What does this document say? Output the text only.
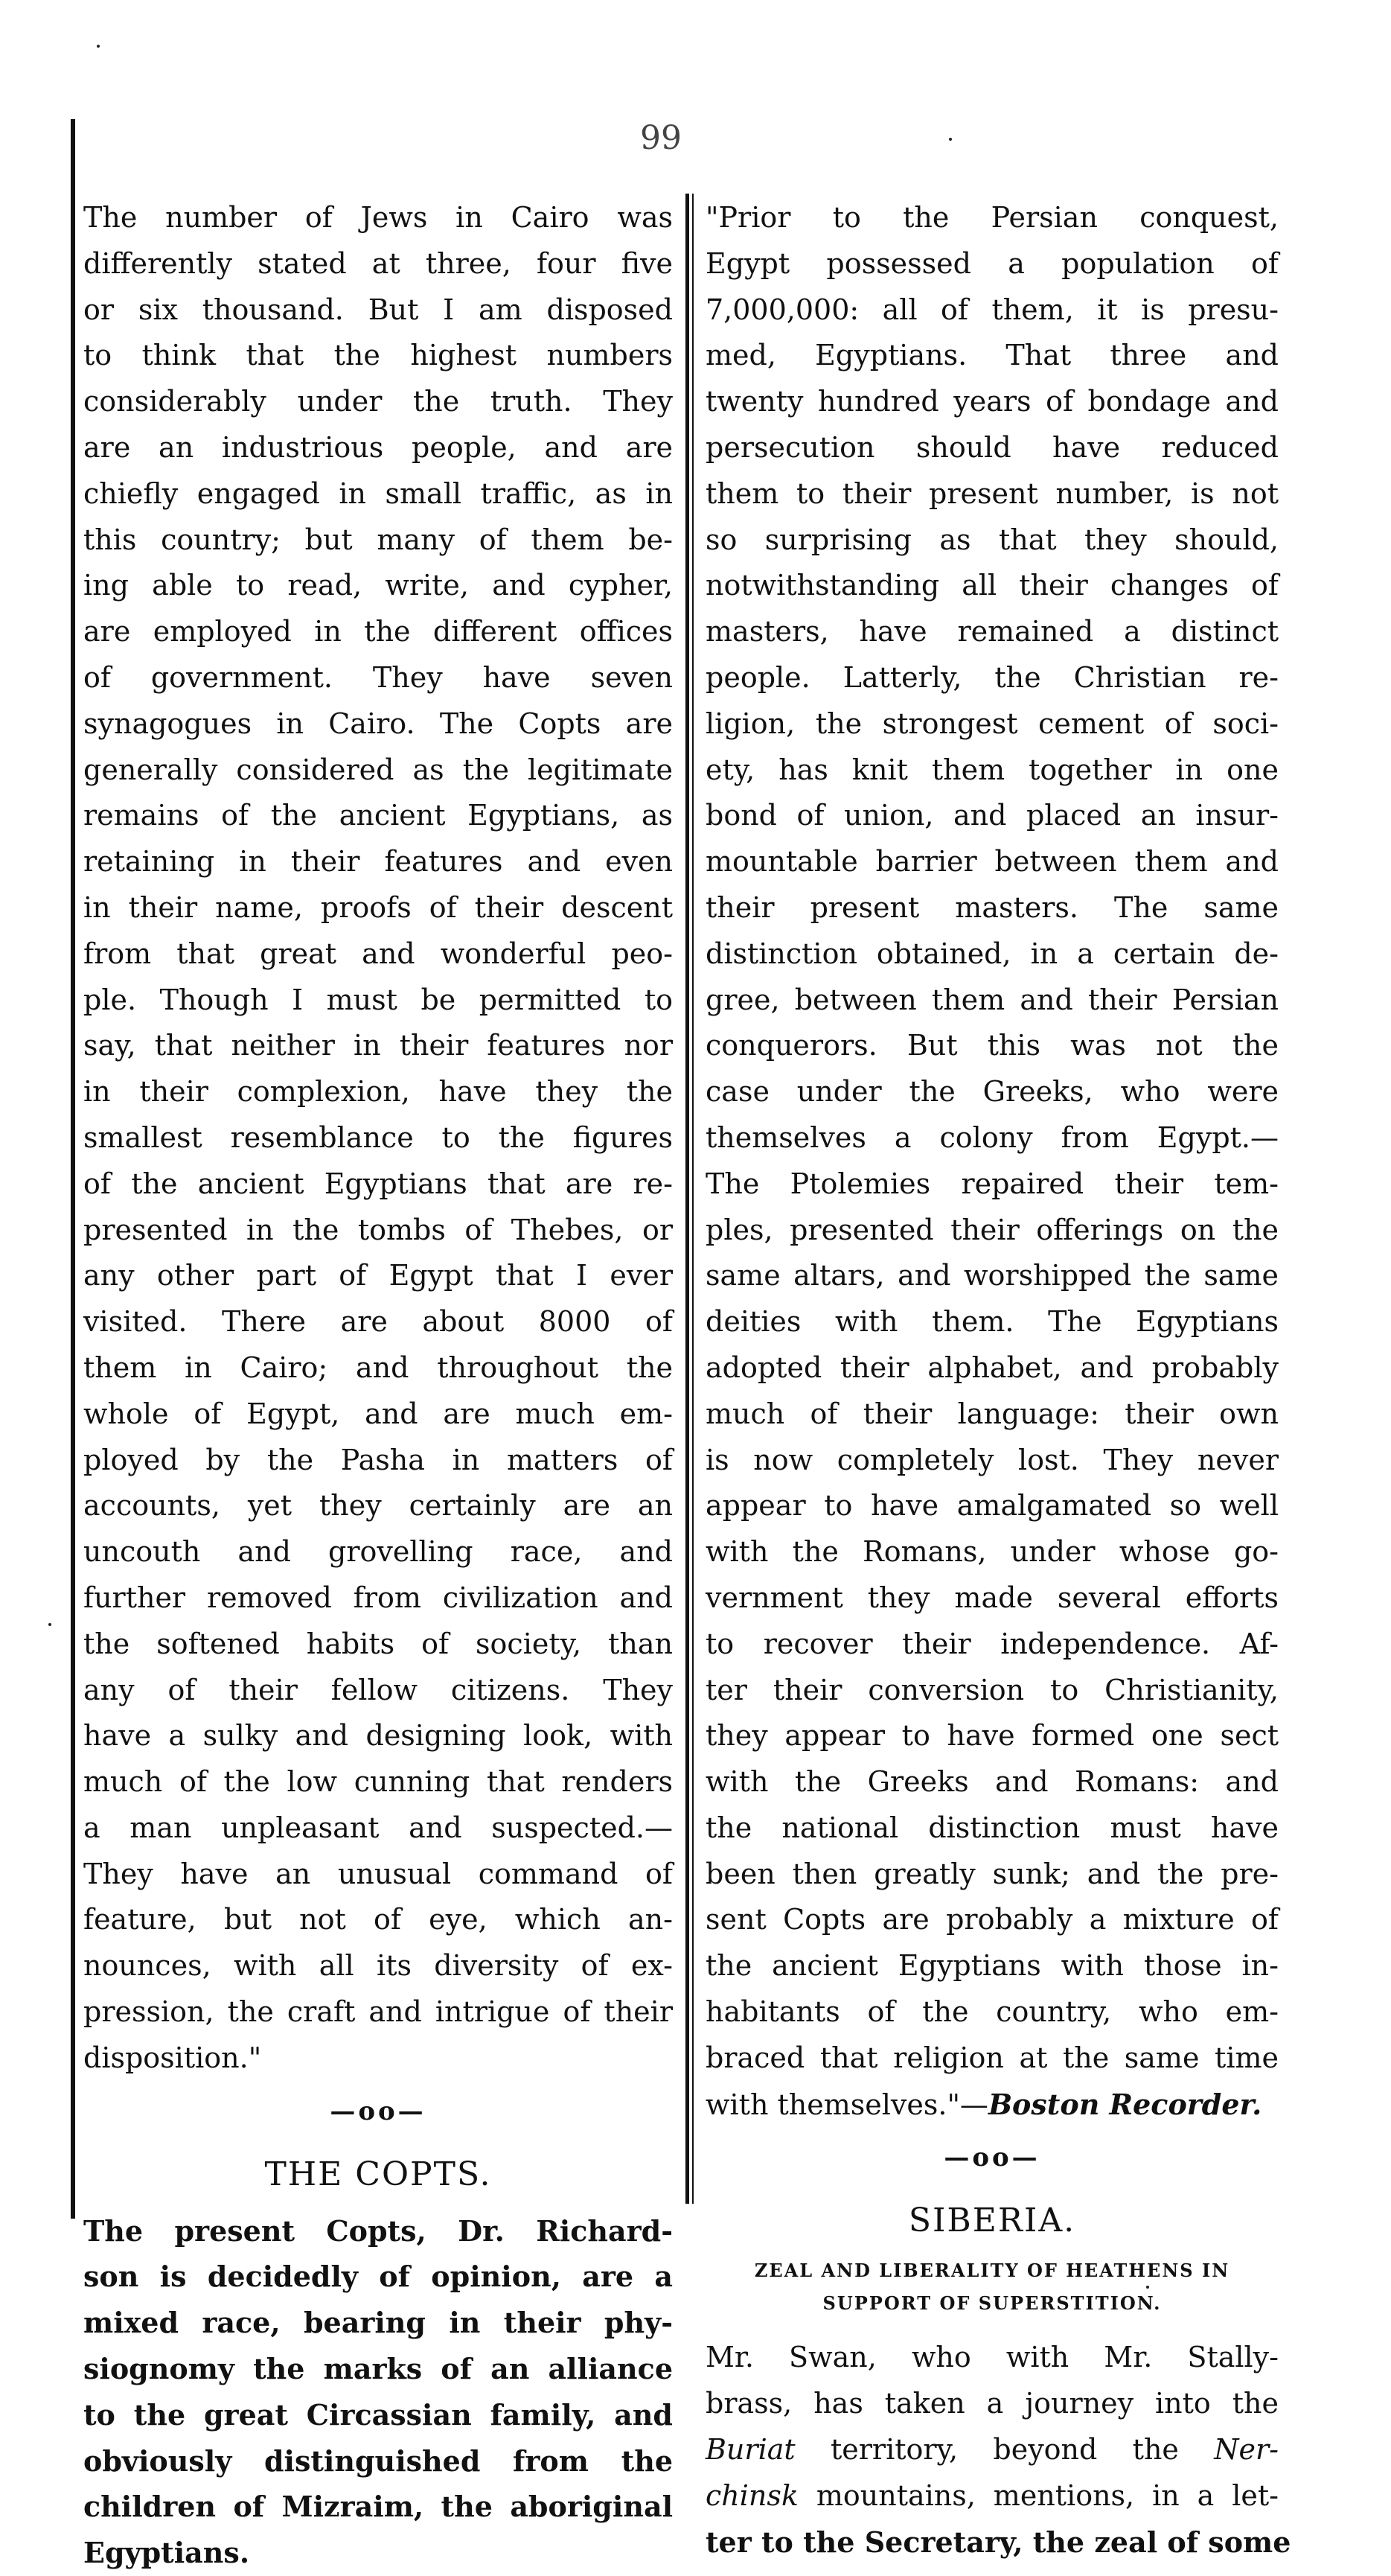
99
The number of Jews in Cairo was
differently stated at three, four five
or six thousand. But I am disposed
to think that the highest numbers
considerably under the truth. They
are an industrious people, and are
chiefly engaged in small traffic, as in
this country; but many of them be-
ing able to read, write, and cypher,
are employed in the different offices
of government. They have seven
synagogues in Cairo. The Copts are
generally considered as the legitimate
remains of the ancient Egyptians, as
retaining in their features and even
in their name, proofs of their descent
from that great and wonderful peo-
ple. Though I must be permitted to
say, that neither in their features nor
in their complexion, have they the
smallest resemblance to the figures
of the ancient Egyptians that are re-
presented in the tombs of Thebes, or
any other part of Egypt that I ever
visited. There are about 8000 of
them in Cairo; and throughout the
whole of Egypt, and are much em-
ployed by the Pasha in matters of
accounts, yet they certainly are an
uncouth and grovelling race, and
further removed from civilization and
the softened habits of society, than
any of their fellow citizens. They
have a sulky and designing look, with
much of the low cunning that renders
a man unpleasant and suspected.—
They have an unusual command of
feature, but not of eye, which an-
nounces, with all its diversity of ex-
pression, the craft and intrigue of their
disposition."
—oo—
THE COPTS.
The present Copts, Dr. Richard-
son is decidedly of opinion, are a
mixed race, bearing in their phy-
siognomy the marks of an alliance
to the great Circassian family, and
obviously distinguished from the
children of Mizraim, the aboriginal
Egyptians.
"Prior to the Persian conquest,
Egypt possessed a population of
7,000,000: all of them, it is presu-
med, Egyptians. That three and
twenty hundred years of bondage and
persecution should have reduced
them to their present number, is not
so surprising as that they should,
notwithstanding all their changes of
masters, have remained a distinct
people. Latterly, the Christian re-
ligion, the strongest cement of soci-
ety, has knit them together in one
bond of union, and placed an insur-
mountable barrier between them and
their present masters. The same
distinction obtained, in a certain de-
gree, between them and their Persian
conquerors. But this was not the
case under the Greeks, who were
themselves a colony from Egypt.—
The Ptolemies repaired their tem-
ples, presented their offerings on the
same altars, and worshipped the same
deities with them. The Egyptians
adopted their alphabet, and probably
much of their language: their own
is now completely lost. They never
appear to have amalgamated so well
with the Romans, under whose go-
vernment they made several efforts
to recover their independence. Af-
ter their conversion to Christianity,
they appear to have formed one sect
with the Greeks and Romans: and
the national distinction must have
been then greatly sunk; and the pre-
sent Copts are probably a mixture of
the ancient Egyptians with those in-
habitants of the country, who em-
braced that religion at the same time
with themselves."—Boston Recorder.
—oo—
SIBERIA.
ZEAL AND LIBERALITY OF HEATHENS IN
SUPPORT OF SUPERSTITION.
Mr. Swan, who with Mr. Stally-
brass, has taken a journey into the
Buriat territory, beyond the Ner-
chinsk mountains, mentions, in a let-
ter to the Secretary, the zeal of some
